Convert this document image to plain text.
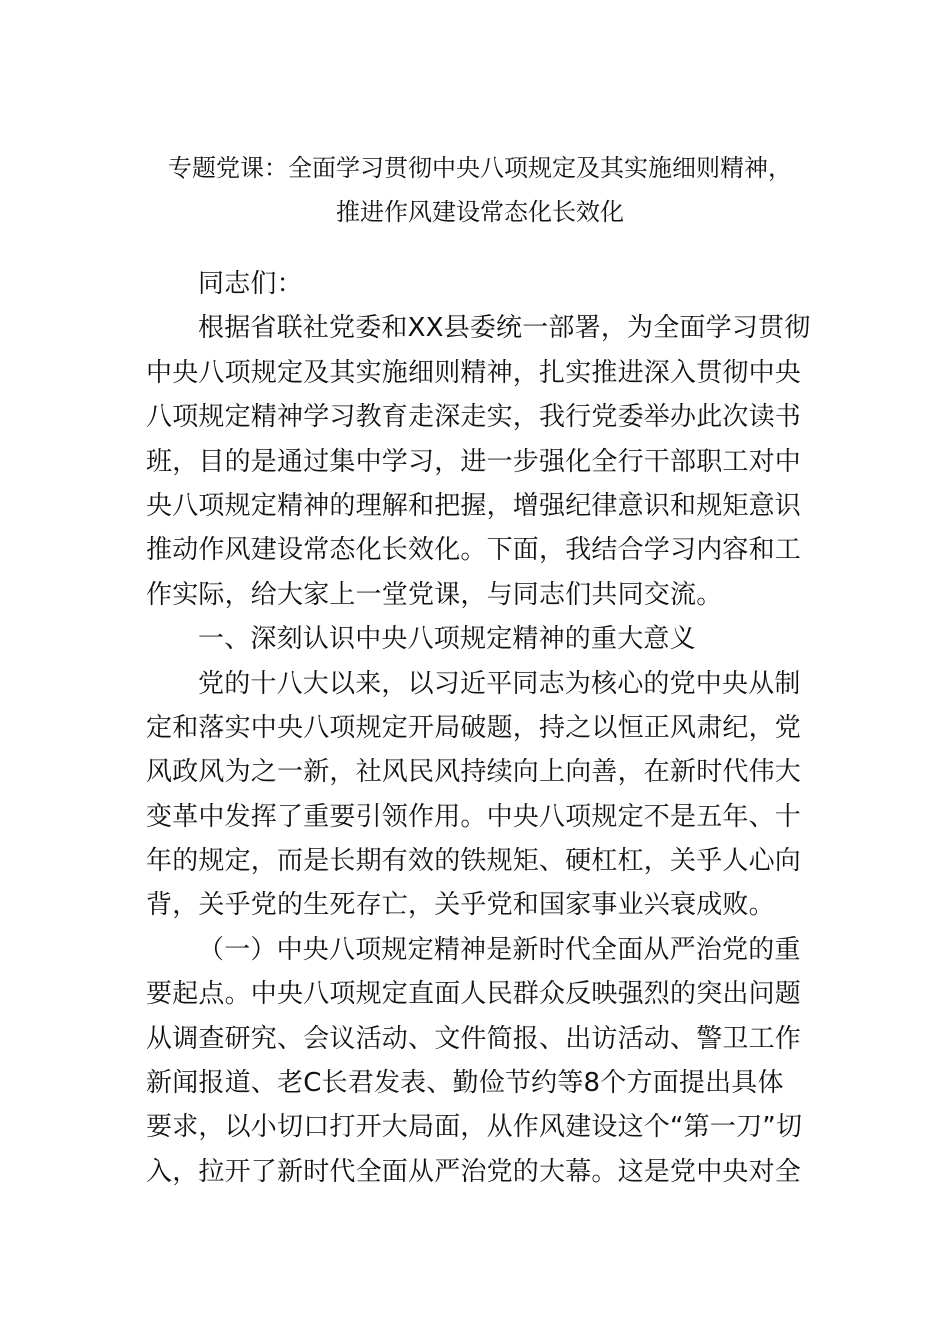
专题党课：全面学习贯彻中央八项规定及其实施细则精神，
推进作风建设常态化长效化
同志们：
根据省联社党委和XX县委统一部署，为全面学习贯彻
中央八项规定及其实施细则精神，扎实推进深入贯彻中央
八项规定精神学习教育走深走实，我行党委举办此次读书
班，目的是通过集中学习，进一步强化全行干部职工对中
央八项规定精神的理解和把握，增强纪律意识和规矩意识
推动作风建设常态化长效化。下面，我结合学习内容和工
作实际，给大家上一堂党课，与同志们共同交流。
一、深刻认识中央八项规定精神的重大意义
党的十八大以来，以习近平同志为核心的党中央从制
定和落实中央八项规定开局破题，持之以恒正风肃纪，党
风政风为之一新，社风民风持续向上向善，在新时代伟大
变革中发挥了重要引领作用。中央八项规定不是五年、十
年的规定，而是长期有效的铁规矩、硬杠杠，关乎人心向
背，关乎党的生死存亡，关乎党和国家事业兴衰成败。
（一）中央八项规定精神是新时代全面从严治党的重
要起点。中央八项规定直面人民群众反映强烈的突出问题
从调查研究、会议活动、文件简报、出访活动、警卫工作
新闻报道、老C长君发表、勤俭节约等8个方面提出具体
要求，以小切口打开大局面，从作风建设这个“第一刀”切
入，拉开了新时代全面从严治党的大幕。这是党中央对全
